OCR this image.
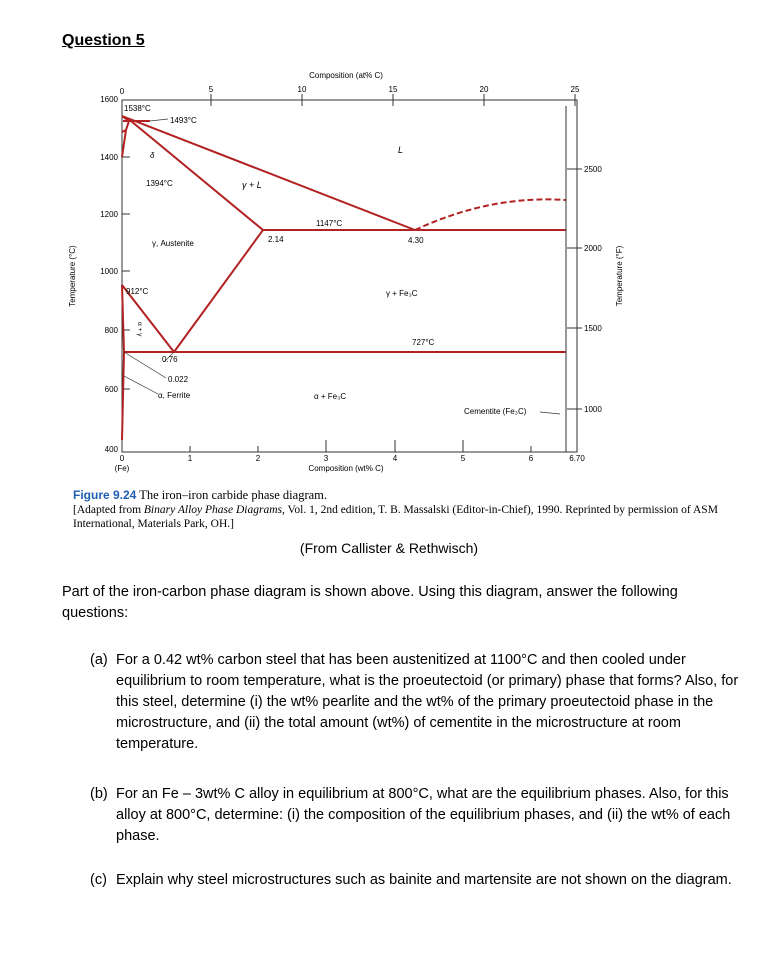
Question 5
Composition (at% C)
0	5	10	15	20	25
1600
1400
1200
1000
800
600
400
Temperature (°C)
2500
2000
1500
1000
Temperature (°F)
0	1	2	3	4	5	6	6.70
(Fe)	Composition (wt% C)
1538°C
1493°C
δ
1394°C	γ + L
L
1147°C
2.14	4.30
γ, Austenite
912°C	γ + Fe₃C
727°C
α + γ
0.76
0.022
α, Ferrite	α + Fe₃C
Cementite (Fe₃C)
Figure 9.24 The iron–iron carbide phase diagram.
[Adapted from Binary Alloy Phase Diagrams, Vol. 1, 2nd edition, T. B. Massalski (Editor-in-Chief), 1990. Reprinted by permission of ASM International, Materials Park, OH.]
(From Callister & Rethwisch)
Part of the iron-carbon phase diagram is shown above. Using this diagram, answer the following questions:
(a) For a 0.42 wt% carbon steel that has been austenitized at 1100°C and then cooled under equilibrium to room temperature, what is the proeutectoid (or primary) phase that forms? Also, for this steel, determine (i) the wt% pearlite and the wt% of the primary proeutectoid phase in the microstructure, and (ii) the total amount (wt%) of cementite in the microstructure at room temperature.
(b) For an Fe – 3wt% C alloy in equilibrium at 800°C, what are the equilibrium phases. Also, for this alloy at 800°C, determine: (i) the composition of the equilibrium phases, and (ii) the wt% of each phase.
(c) Explain why steel microstructures such as bainite and martensite are not shown on the diagram.
